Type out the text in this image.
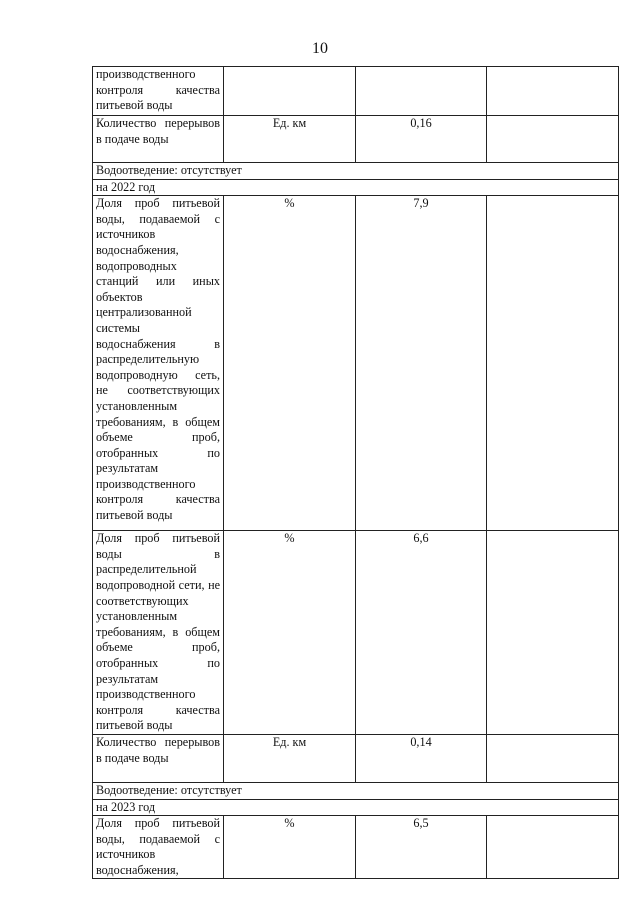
10
производственного контроля качества питьевой воды			
Количество перерывов в подаче воды	Ед. км	0,16	
Водоотведение: отсутствует			
на 2022 год			
Доля проб питьевой воды, подаваемой с источников водоснабжения, водопроводных станций или иных объектов централизованной системы водоснабжения в распределительную водопроводную сеть, не соответствующих установленным требованиям, в общем объеме проб, отобранных по результатам производственного контроля качества питьевой воды	%	7,9	
Доля проб питьевой воды в распределительной водопроводной сети, не соответствующих установленным требованиям, в общем объеме проб, отобранных по результатам производственного контроля качества питьевой воды	%	6,6	
Количество перерывов в подаче воды	Ед. км	0,14	
Водоотведение: отсутствует			
на 2023 год			
Доля проб питьевой воды, подаваемой с источников водоснабжения,	%	6,5	
